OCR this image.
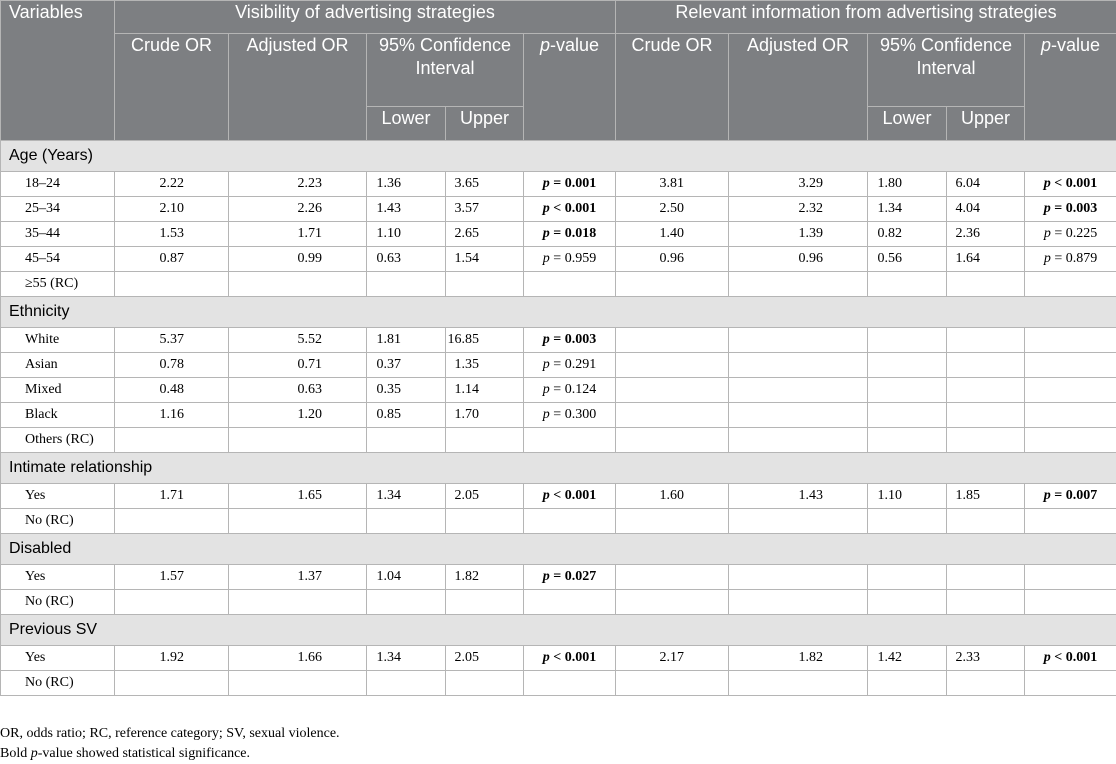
Variables	Visibility of advertising strategies					Relevant information from advertising strategies				
	Crude OR	Adjusted OR	95% Confidence Interval		p-value	Crude OR	Adjusted OR	95% Confidence Interval		p-value
			Lower	Upper				Lower	Upper	
Age (Years)										
18–24	2.22	2.23	1.36	3.65	p = 0.001	3.81	3.29	1.80	6.04	p < 0.001
25–34	2.10	2.26	1.43	3.57	p < 0.001	2.50	2.32	1.34	4.04	p = 0.003
35–44	1.53	1.71	1.10	2.65	p = 0.018	1.40	1.39	0.82	2.36	p = 0.225
45–54	0.87	0.99	0.63	1.54	p = 0.959	0.96	0.96	0.56	1.64	p = 0.879
≥55 (RC)										
Ethnicity										
White	5.37	5.52	1.81	16.85	p = 0.003					
Asian	0.78	0.71	0.37	1.35	p = 0.291					
Mixed	0.48	0.63	0.35	1.14	p = 0.124					
Black	1.16	1.20	0.85	1.70	p = 0.300					
Others (RC)										
Intimate relationship										
Yes	1.71	1.65	1.34	2.05	p < 0.001	1.60	1.43	1.10	1.85	p = 0.007
No (RC)										
Disabled										
Yes	1.57	1.37	1.04	1.82	p = 0.027					
No (RC)										
Previous SV										
Yes	1.92	1.66	1.34	2.05	p < 0.001	2.17	1.82	1.42	2.33	p < 0.001
No (RC)										
OR, odds ratio; RC, reference category; SV, sexual violence.
Bold p-value showed statistical significance.
